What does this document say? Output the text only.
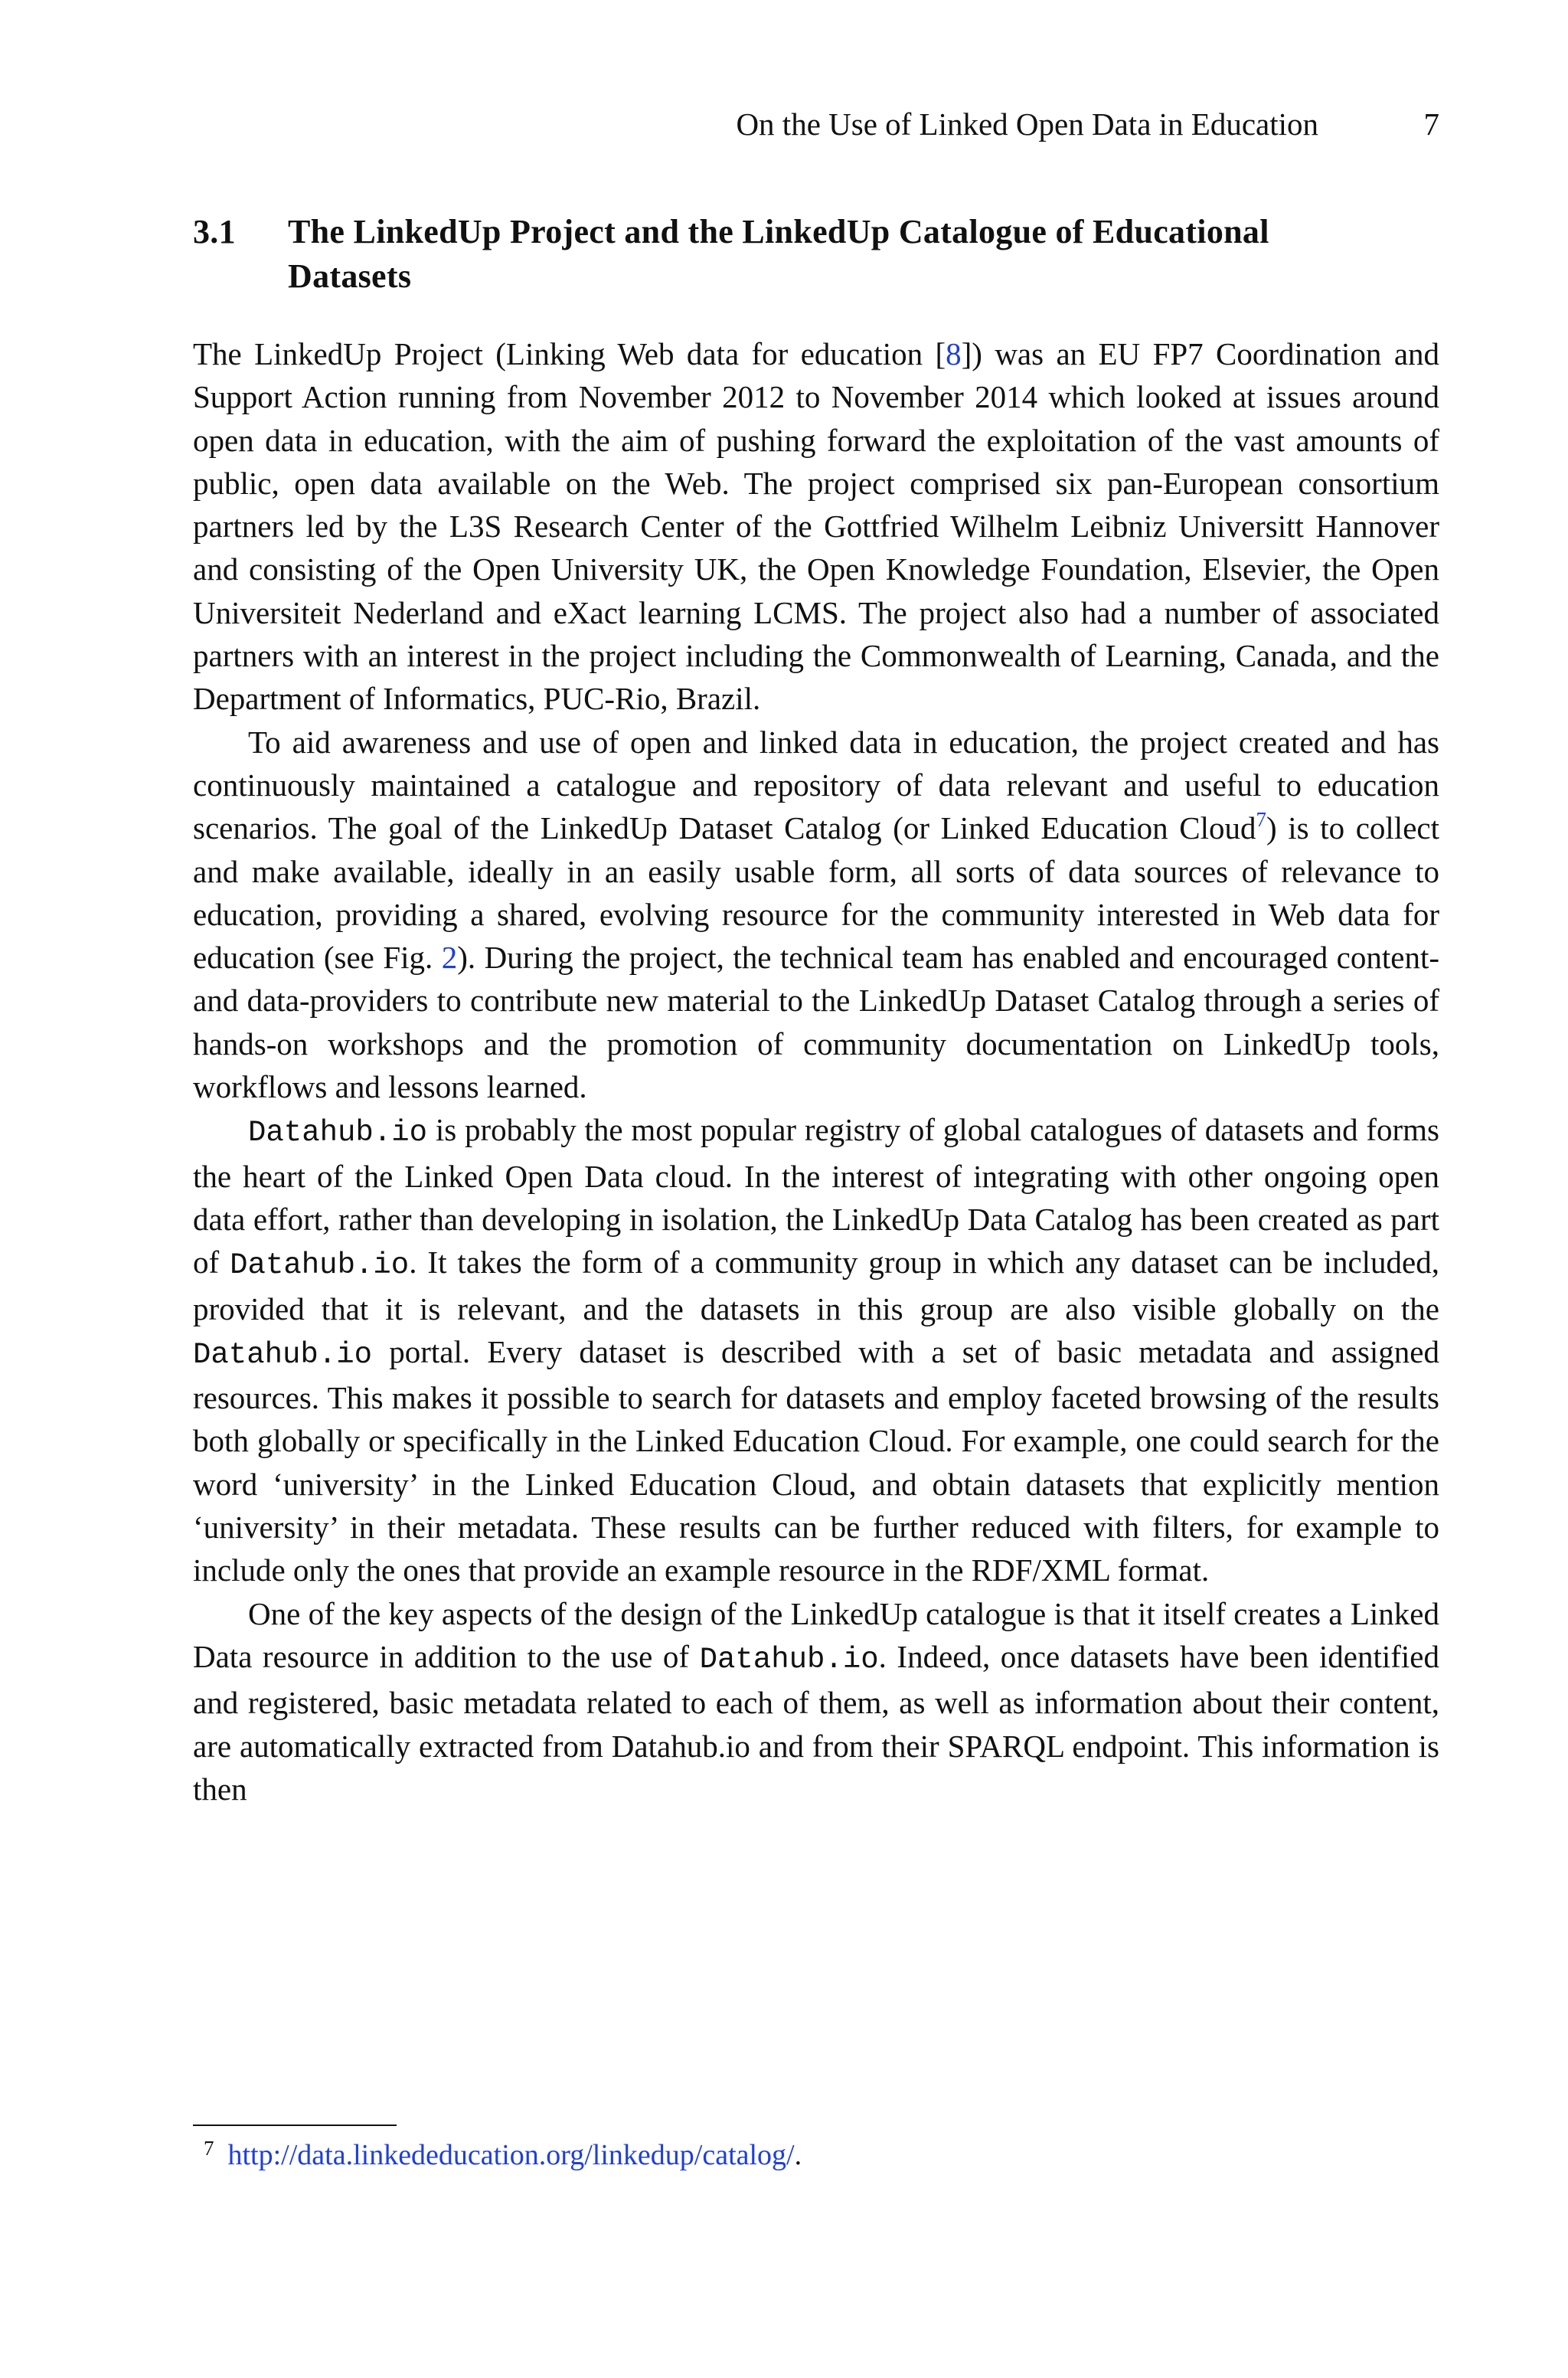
On the Use of Linked Open Data in Education	7
3.1	The LinkedUp Project and the LinkedUp Catalogue of Educational Datasets

The LinkedUp Project (Linking Web data for education [8]) was an EU FP7 Coordination and Support Action running from November 2012 to November 2014 which looked at issues around open data in education, with the aim of pushing forward the exploitation of the vast amounts of public, open data available on the Web. The project comprised six pan-European consortium partners led by the L3S Research Center of the Gottfried Wilhelm Leibniz Universitt Hannover and consisting of the Open University UK, the Open Knowledge Foundation, Elsevier, the Open Universiteit Nederland and eXact learning LCMS. The project also had a number of associated partners with an interest in the project including the Commonwealth of Learning, Canada, and the Department of Informatics, PUC-Rio, Brazil.

To aid awareness and use of open and linked data in education, the project created and has continuously maintained a catalogue and repository of data relevant and useful to education scenarios. The goal of the LinkedUp Dataset Catalog (or Linked Education Cloud$^7$) is to collect and make available, ideally in an easily usable form, all sorts of data sources of relevance to education, providing a shared, evolving resource for the community interested in Web data for education (see Fig. 2). During the project, the technical team has enabled and encouraged content- and data-providers to contribute new material to the LinkedUp Dataset Catalog through a series of hands-on workshops and the promotion of community documentation on LinkedUp tools, workflows and lessons learned.

Datahub.io is probably the most popular registry of global catalogues of datasets and forms the heart of the Linked Open Data cloud. In the interest of integrating with other ongoing open data effort, rather than developing in isolation, the LinkedUp Data Catalog has been created as part of Datahub.io. It takes the form of a community group in which any dataset can be included, provided that it is relevant, and the datasets in this group are also visible globally on the Datahub.io portal. Every dataset is described with a set of basic metadata and assigned resources. This makes it possible to search for datasets and employ faceted browsing of the results both globally or specifically in the Linked Education Cloud. For example, one could search for the word ‘university’ in the Linked Education Cloud, and obtain datasets that explicitly mention ‘university’ in their metadata. These results can be further reduced with filters, for example to include only the ones that provide an example resource in the RDF/XML format.

One of the key aspects of the design of the LinkedUp catalogue is that it itself creates a Linked Data resource in addition to the use of Datahub.io. Indeed, once datasets have been identified and registered, basic metadata related to each of them, as well as information about their content, are automatically extracted from Datahub.io and from their SPARQL endpoint. This information is then

$^7$ http://data.linkededucation.org/linkedup/catalog/.
